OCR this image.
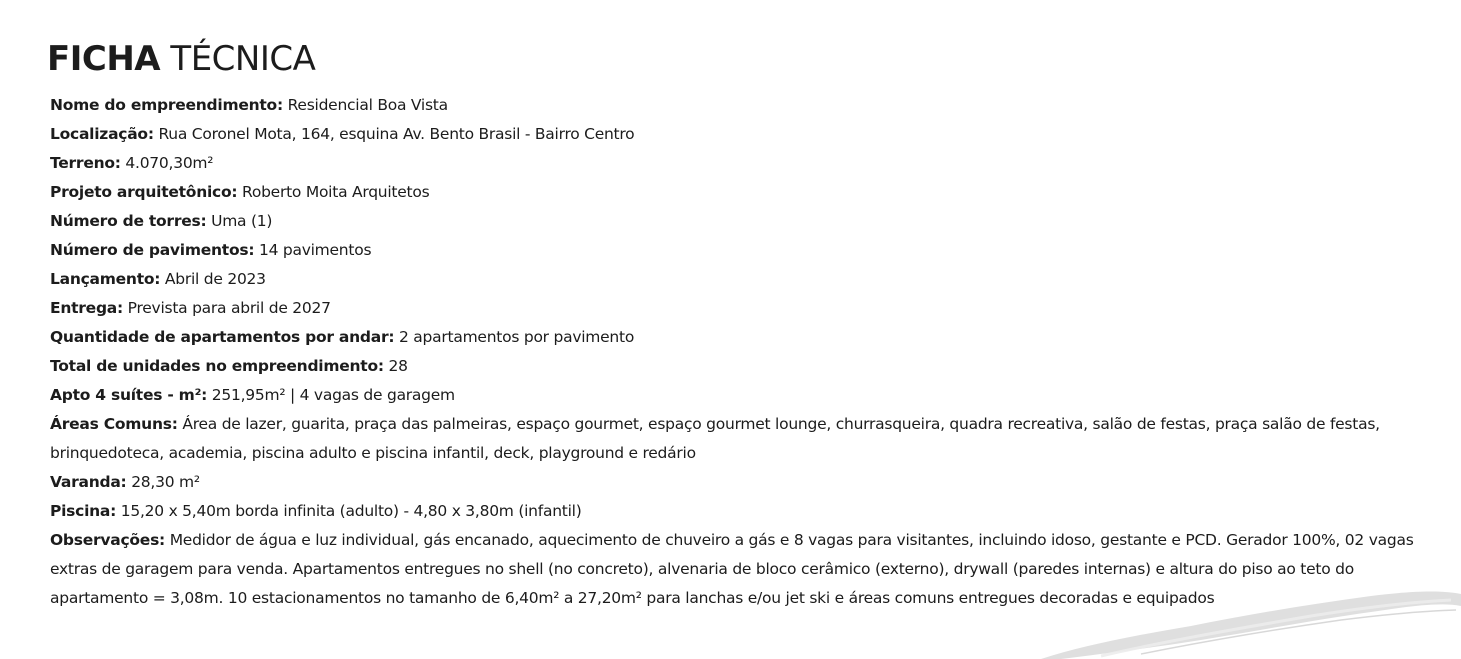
FICHA TÉCNICA
Nome do empreendimento: Residencial Boa Vista
Localização: Rua Coronel Mota, 164, esquina Av. Bento Brasil - Bairro Centro
Terreno: 4.070,30m²
Projeto arquitetônico: Roberto Moita Arquitetos
Número de torres: Uma (1)
Número de pavimentos: 14 pavimentos
Lançamento: Abril de 2023
Entrega: Prevista para abril de 2027
Quantidade de apartamentos por andar: 2 apartamentos por pavimento
Total de unidades no empreendimento: 28
Apto 4 suítes - m²: 251,95m² | 4 vagas de garagem
Áreas Comuns: Área de lazer, guarita, praça das palmeiras, espaço gourmet, espaço gourmet lounge, churrasqueira, quadra recreativa, salão de festas, praça salão de festas, brinquedoteca, academia, piscina adulto e piscina infantil, deck, playground e redário
Varanda: 28,30 m²
Piscina: 15,20 x 5,40m borda infinita (adulto) - 4,80 x 3,80m (infantil)
Observações: Medidor de água e luz individual, gás encanado, aquecimento de chuveiro a gás e 8 vagas para visitantes, incluindo idoso, gestante e PCD. Gerador 100%, 02 vagas extras de garagem para venda. Apartamentos entregues no shell (no concreto), alvenaria de bloco cerâmico (externo), drywall (paredes internas) e altura do piso ao teto do apartamento = 3,08m. 10 estacionamentos no tamanho de 6,40m² a 27,20m² para lanchas e/ou jet ski e áreas comuns entregues decoradas e equipados
